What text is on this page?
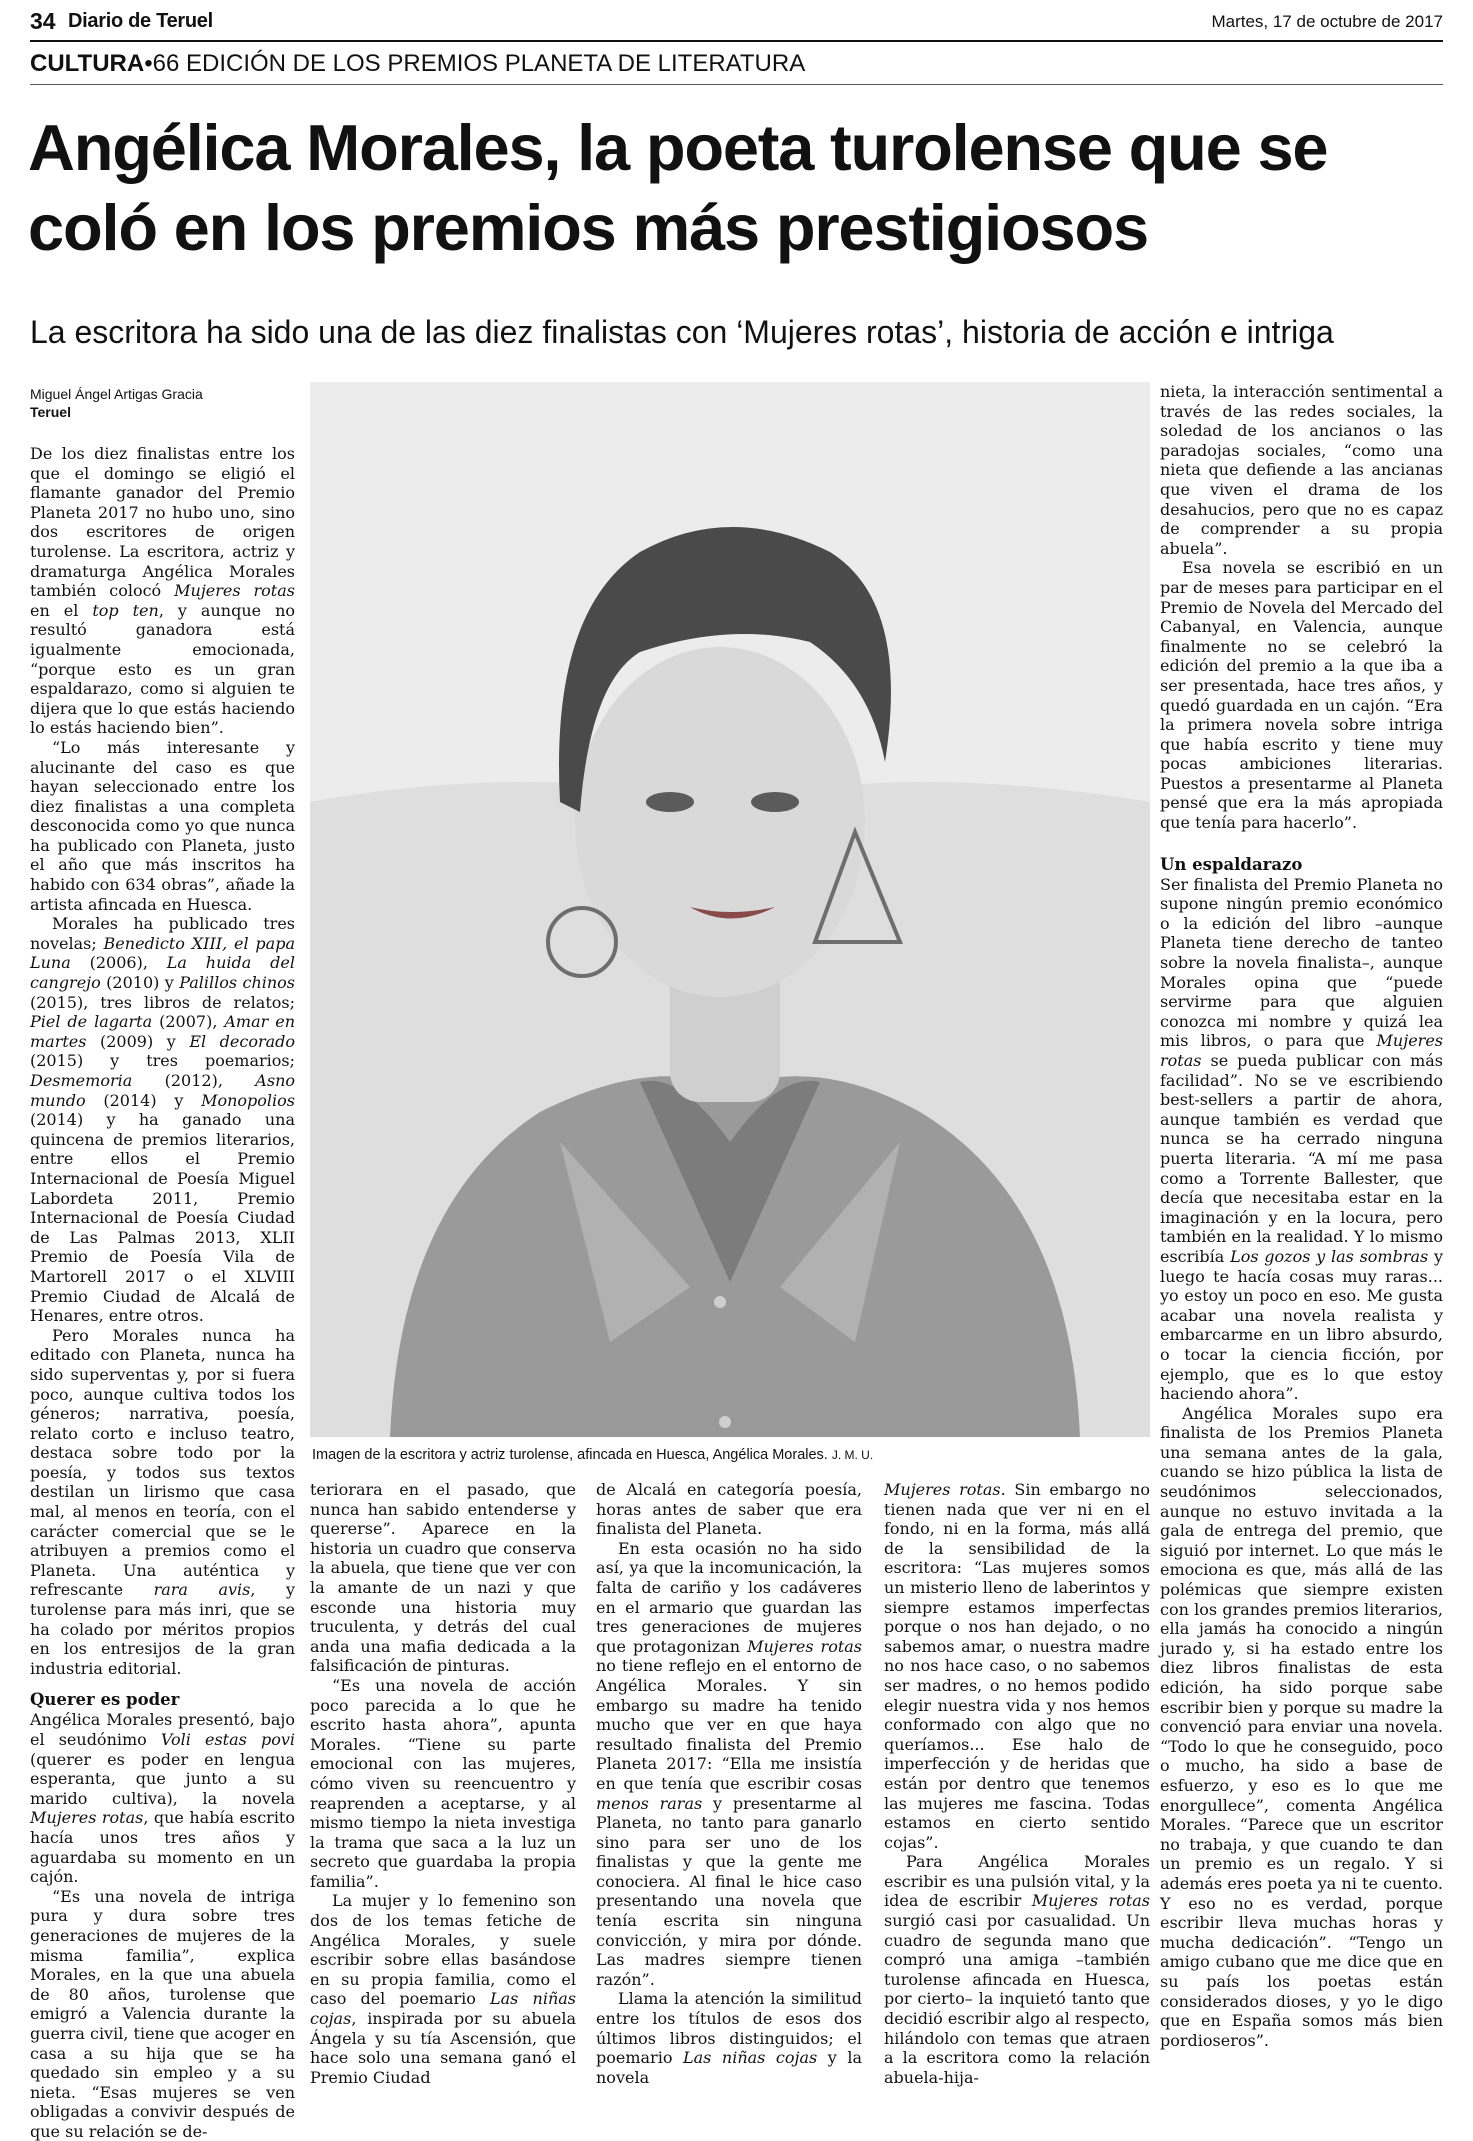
34 Diario de Teruel	Martes, 17 de octubre de 2017
CULTURA•66 EDICIÓN DE LOS PREMIOS PLANETA DE LITERATURA
Angélica Morales, la poeta turolense que se coló en los premios más prestigiosos
La escritora ha sido una de las diez finalistas con ‘Mujeres rotas’, historia de acción e intriga
Miguel Ángel Artigas Gracia
Teruel
Imagen de la escritora y actriz turolense, afincada en Huesca, Angélica Morales. J. M. U.

De los diez finalistas entre los que el domingo se eligió el flamante ganador del Premio Planeta 2017 no hubo uno, sino dos escritores de origen turolense. La escritora, actriz y dramaturga Angélica Morales también colocó Mujeres rotas en el top ten, y aunque no resultó ganadora está igualmente emocionada, “porque esto es un gran espaldarazo, como si alguien te dijera que lo que estás haciendo lo estás haciendo bien”.

“Lo más interesante y alucinante del caso es que hayan seleccionado entre los diez finalistas a una completa desconocida como yo que nunca ha publicado con Planeta, justo el año que más inscritos ha habido con 634 obras”, añade la artista afincada en Huesca.

Morales ha publicado tres novelas; Benedicto XIII, el papa Luna (2006), La huida del cangrejo (2010) y Palillos chinos (2015), tres libros de relatos; Piel de lagarta (2007), Amar en martes (2009) y El decorado (2015) y tres poemarios; Desmemoria (2012), Asno mundo (2014) y Monopolios (2014) y ha ganado una quincena de premios literarios, entre ellos el Premio Internacional de Poesía Miguel Labordeta 2011, Premio Internacional de Poesía Ciudad de Las Palmas 2013, XLII Premio de Poesía Vila de Martorell 2017 o el XLVIII Premio Ciudad de Alcalá de Henares, entre otros.

Pero Morales nunca ha editado con Planeta, nunca ha sido superventas y, por si fuera poco, aunque cultiva todos los géneros; narrativa, poesía, relato corto e incluso teatro, destaca sobre todo por la poesía, y todos sus textos destilan un lirismo que casa mal, al menos en teoría, con el carácter comercial que se le atribuyen a premios como el Planeta. Una auténtica y refrescante rara avis, y turolense para más inri, que se ha colado por méritos propios en los entresijos de la gran industria editorial.

Querer es poder

Angélica Morales presentó, bajo el seudónimo Voli estas povi (querer es poder en lengua esperanta, que junto a su marido cultiva), la novela Mujeres rotas, que había escrito hacía unos tres años y aguardaba su momento en un cajón.

“Es una novela de intriga pura y dura sobre tres generaciones de mujeres de la misma familia”, explica Morales, en la que una abuela de 80 años, turolense que emigró a Valencia durante la guerra civil, tiene que acoger en casa a su hija que se ha quedado sin empleo y a su nieta. “Esas mujeres se ven obligadas a convivir después de que su relación se de-

teriorara en el pasado, que nunca han sabido entenderse y quererse”. Aparece en la historia un cuadro que conserva la abuela, que tiene que ver con la amante de un nazi y que esconde una historia muy truculenta, y detrás del cual anda una mafia dedicada a la falsificación de pinturas.

“Es una novela de acción poco parecida a lo que he escrito hasta ahora”, apunta Morales. “Tiene su parte emocional con las mujeres, cómo viven su reencuentro y reaprenden a aceptarse, y al mismo tiempo la nieta investiga la trama que saca a la luz un secreto que guardaba la propia familia”.

La mujer y lo femenino son dos de los temas fetiche de Angélica Morales, y suele escribir sobre ellas basándose en su propia familia, como el caso del poemario Las niñas cojas, inspirada por su abuela Ángela y su tía Ascensión, que hace solo una semana ganó el Premio Ciudad

de Alcalá en categoría poesía, horas antes de saber que era finalista del Planeta.

En esta ocasión no ha sido así, ya que la incomunicación, la falta de cariño y los cadáveres en el armario que guardan las tres generaciones de mujeres que protagonizan Mujeres rotas no tiene reflejo en el entorno de Angélica Morales. Y sin embargo su madre ha tenido mucho que ver en que haya resultado finalista del Premio Planeta 2017: “Ella me insistía en que tenía que escribir cosas menos raras y presentarme al Planeta, no tanto para ganarlo sino para ser uno de los finalistas y que la gente me conociera. Al final le hice caso presentando una novela que tenía escrita sin ninguna convicción, y mira por dónde. Las madres siempre tienen razón”.

Llama la atención la similitud entre los títulos de esos dos últimos libros distinguidos; el poemario Las niñas cojas y la novela

Mujeres rotas. Sin embargo no tienen nada que ver ni en el fondo, ni en la forma, más allá de la sensibilidad de la escritora: “Las mujeres somos un misterio lleno de laberintos y siempre estamos imperfectas porque o nos han dejado, o no sabemos amar, o nuestra madre no nos hace caso, o no sabemos ser madres, o no hemos podido elegir nuestra vida y nos hemos conformado con algo que no queríamos... Ese halo de imperfección y de heridas que están por dentro que tenemos las mujeres me fascina. Todas estamos en cierto sentido cojas”.

Para Angélica Morales escribir es una pulsión vital, y la idea de escribir Mujeres rotas surgió casi por casualidad. Un cuadro de segunda mano que compró una amiga –también turolense afincada en Huesca, por cierto– la inquietó tanto que decidió escribir algo al respecto, hilándolo con temas que atraen a la escritora como la relación abuela-hija-

nieta, la interacción sentimental a través de las redes sociales, la soledad de los ancianos o las paradojas sociales, “como una nieta que defiende a las ancianas que viven el drama de los desahucios, pero que no es capaz de comprender a su propia abuela”.

Esa novela se escribió en un par de meses para participar en el Premio de Novela del Mercado del Cabanyal, en Valencia, aunque finalmente no se celebró la edición del premio a la que iba a ser presentada, hace tres años, y quedó guardada en un cajón. “Era la primera novela sobre intriga que había escrito y tiene muy pocas ambiciones literarias. Puestos a presentarme al Planeta pensé que era la más apropiada que tenía para hacerlo”.

Un espaldarazo

Ser finalista del Premio Planeta no supone ningún premio económico o la edición del libro –aunque Planeta tiene derecho de tanteo sobre la novela finalista–, aunque Morales opina que “puede servirme para que alguien conozca mi nombre y quizá lea mis libros, o para que Mujeres rotas se pueda publicar con más facilidad”. No se ve escribiendo best-sellers a partir de ahora, aunque también es verdad que nunca se ha cerrado ninguna puerta literaria. “A mí me pasa como a Torrente Ballester, que decía que necesitaba estar en la imaginación y en la locura, pero también en la realidad. Y lo mismo escribía Los gozos y las sombras y luego te hacía cosas muy raras... yo estoy un poco en eso. Me gusta acabar una novela realista y embarcarme en un libro absurdo, o tocar la ciencia ficción, por ejemplo, que es lo que estoy haciendo ahora”.

Angélica Morales supo era finalista de los Premios Planeta una semana antes de la gala, cuando se hizo pública la lista de seudónimos seleccionados, aunque no estuvo invitada a la gala de entrega del premio, que siguió por internet. Lo que más le emociona es que, más allá de las polémicas que siempre existen con los grandes premios literarios, ella jamás ha conocido a ningún jurado y, si ha estado entre los diez libros finalistas de esta edición, ha sido porque sabe escribir bien y porque su madre la convenció para enviar una novela. “Todo lo que he conseguido, poco o mucho, ha sido a base de esfuerzo, y eso es lo que me enorgullece”, comenta Angélica Morales. “Parece que un escritor no trabaja, y que cuando te dan un premio es un regalo. Y si además eres poeta ya ni te cuento. Y eso no es verdad, porque escribir lleva muchas horas y mucha dedicación”. “Tengo un amigo cubano que me dice que en su país los poetas están considerados dioses, y yo le digo que en España somos más bien pordioseros”.
